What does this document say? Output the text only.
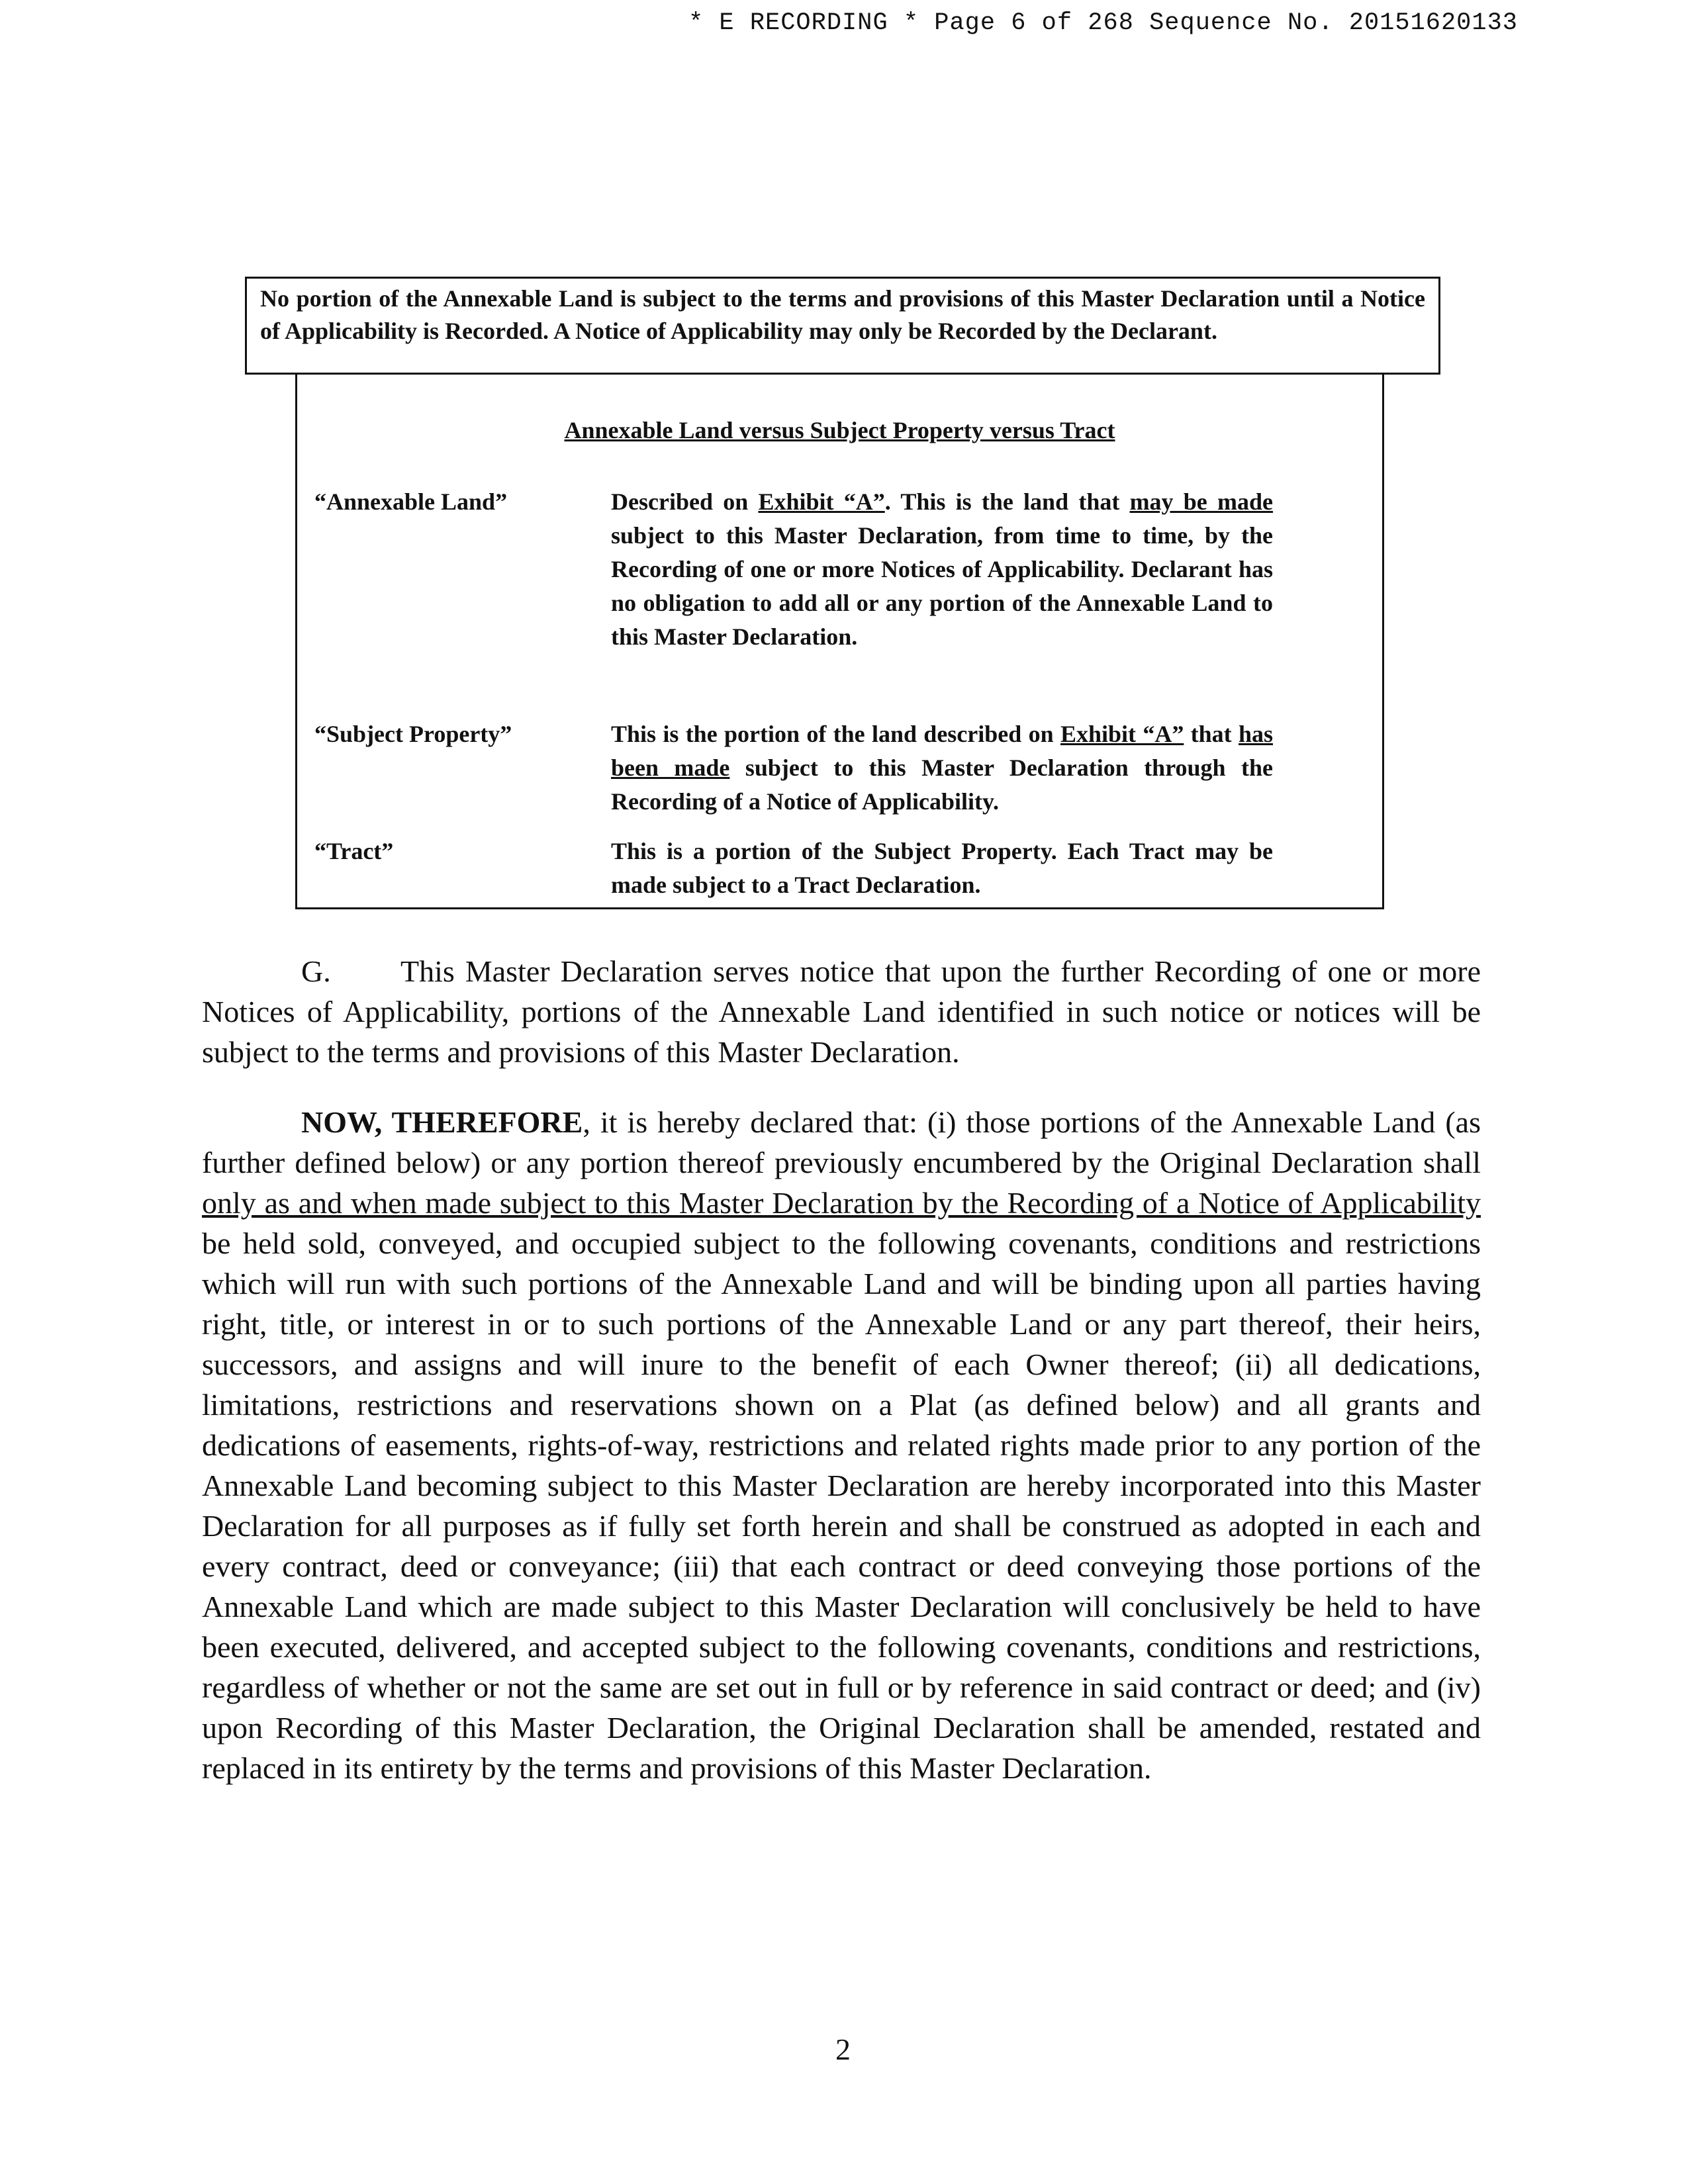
* E RECORDING * Page 6 of 268 Sequence No. 20151620133
No portion of the Annexable Land is subject to the terms and provisions of this Master Declaration until a Notice of Applicability is Recorded. A Notice of Applicability may only be Recorded by the Declarant.
Annexable Land versus Subject Property versus Tract
“Annexable Land”	Described on Exhibit “A”. This is the land that may be made subject to this Master Declaration, from time to time, by the Recording of one or more Notices of Applicability. Declarant has no obligation to add all or any portion of the Annexable Land to this Master Declaration.
“Subject Property”	This is the portion of the land described on Exhibit “A” that has been made subject to this Master Declaration through the Recording of a Notice of Applicability.
“Tract”	This is a portion of the Subject Property. Each Tract may be made subject to a Tract Declaration.
G. This Master Declaration serves notice that upon the further Recording of one or more Notices of Applicability, portions of the Annexable Land identified in such notice or notices will be subject to the terms and provisions of this Master Declaration.
NOW, THEREFORE, it is hereby declared that: (i) those portions of the Annexable Land (as further defined below) or any portion thereof previously encumbered by the Original Declaration shall only as and when made subject to this Master Declaration by the Recording of a Notice of Applicability be held sold, conveyed, and occupied subject to the following covenants, conditions and restrictions which will run with such portions of the Annexable Land and will be binding upon all parties having right, title, or interest in or to such portions of the Annexable Land or any part thereof, their heirs, successors, and assigns and will inure to the benefit of each Owner thereof; (ii) all dedications, limitations, restrictions and reservations shown on a Plat (as defined below) and all grants and dedications of easements, rights-of-way, restrictions and related rights made prior to any portion of the Annexable Land becoming subject to this Master Declaration are hereby incorporated into this Master Declaration for all purposes as if fully set forth herein and shall be construed as adopted in each and every contract, deed or conveyance; (iii) that each contract or deed conveying those portions of the Annexable Land which are made subject to this Master Declaration will conclusively be held to have been executed, delivered, and accepted subject to the following covenants, conditions and restrictions, regardless of whether or not the same are set out in full or by reference in said contract or deed; and (iv) upon Recording of this Master Declaration, the Original Declaration shall be amended, restated and replaced in its entirety by the terms and provisions of this Master Declaration.
2
